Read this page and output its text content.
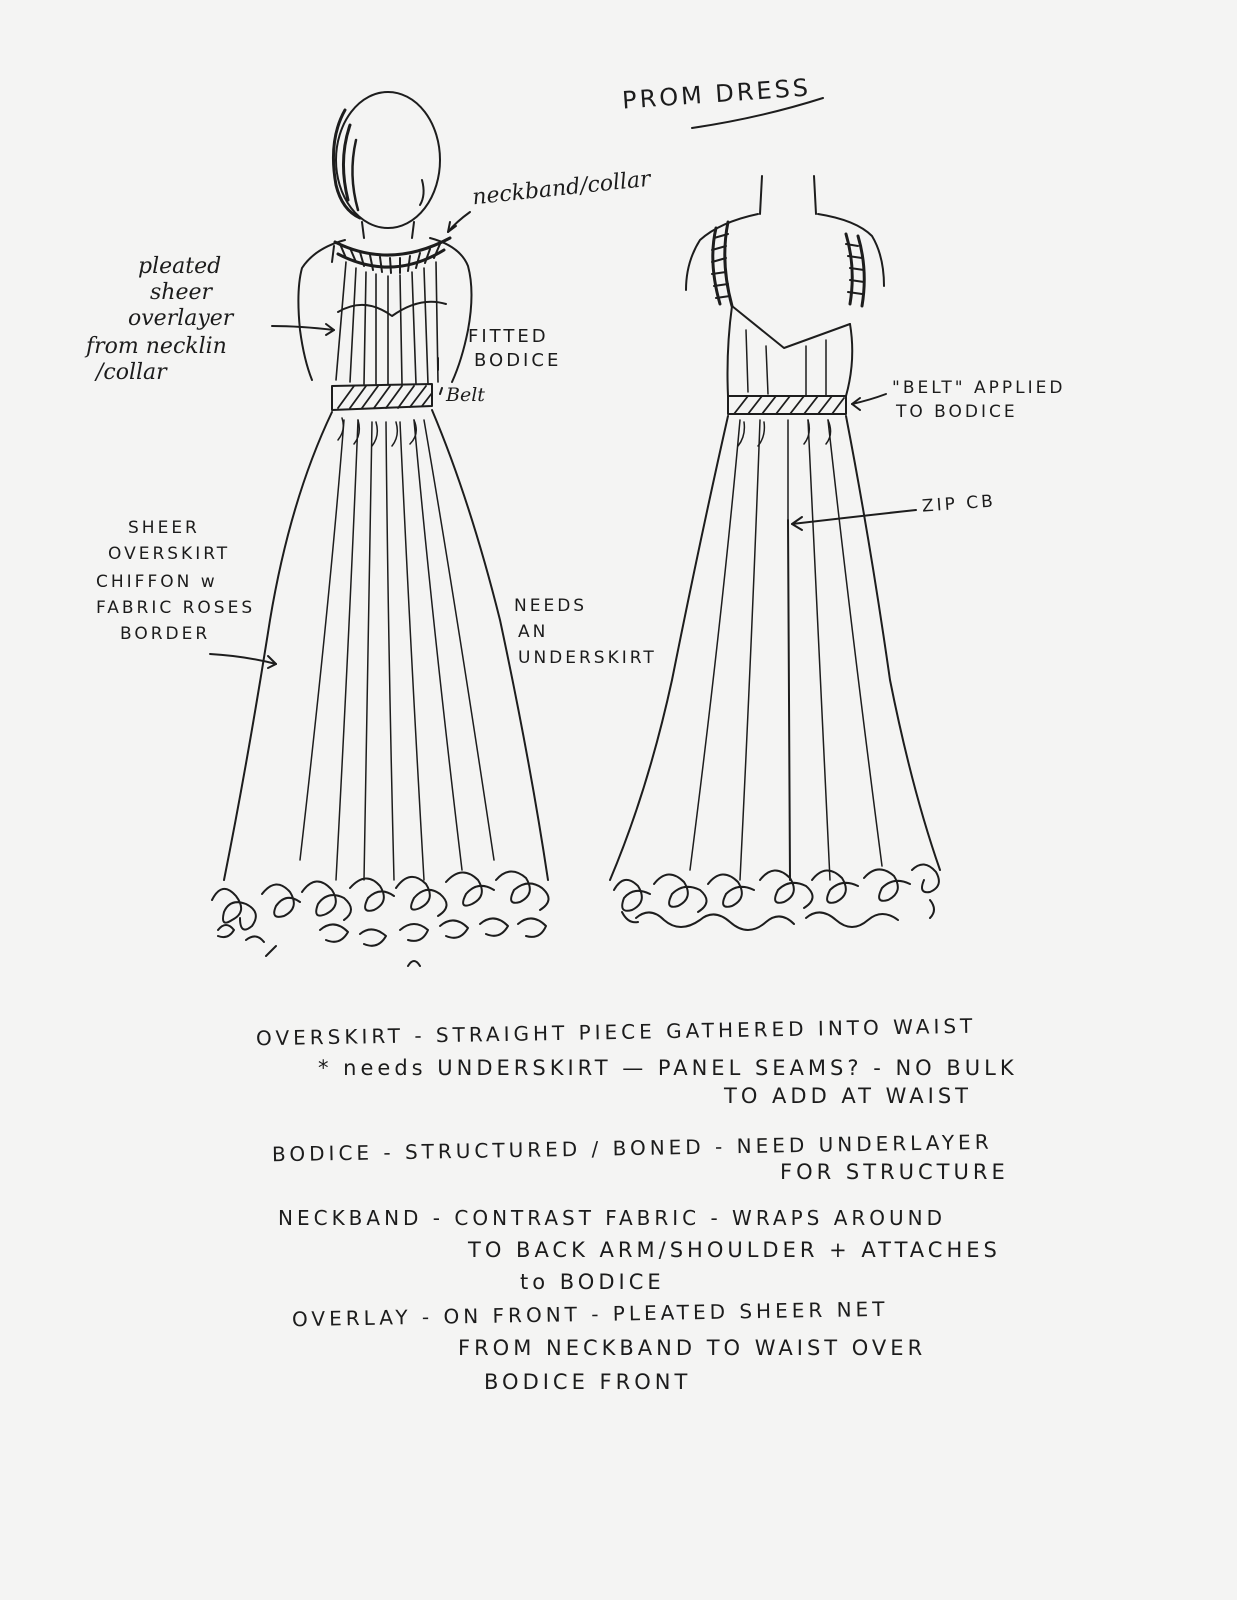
PROM DRESS
neckband/collar
pleated
sheer
overlayer
from necklin
/collar
FITTED
BODICE
Belt
SHEER
OVERSKIRT
CHIFFON w
FABRIC ROSES
BORDER
NEEDS
AN
UNDERSKIRT
"BELT" APPLIED
TO BODICE
ZIP CB
OVERSKIRT - STRAIGHT PIECE GATHERED INTO WAIST
* needs UNDERSKIRT — PANEL SEAMS? - NO BULK
TO ADD AT WAIST
BODICE - STRUCTURED / BONED - NEED UNDERLAYER
FOR STRUCTURE
NECKBAND - CONTRAST FABRIC - WRAPS AROUND
TO BACK ARM/SHOULDER + ATTACHES
to BODICE
OVERLAY - ON FRONT - PLEATED SHEER NET
FROM NECKBAND TO WAIST OVER
BODICE FRONT
